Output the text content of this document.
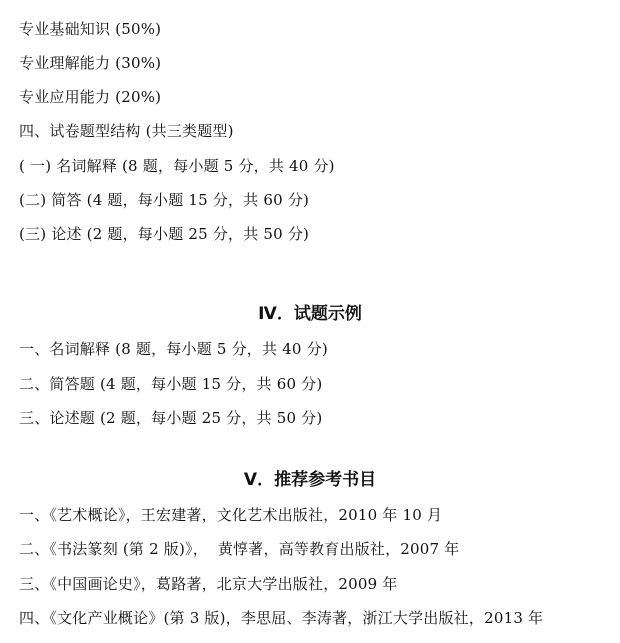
专业基础知识 (50%)
专业理解能力 (30%)
专业应用能力 (20%)
四、试卷题型结构 (共三类题型)
( 一) 名词解释 (8 题，每小题 5 分，共 40 分)
(二) 简答 (4 题，每小题 15 分，共 60 分)
(三) 论述 (2 题，每小题 25 分，共 50 分)
Ⅳ．试题示例
一、名词解释 (8 题，每小题 5 分，共 40 分)
二、简答题 (4 题，每小题 15 分，共 60 分)
三、论述题 (2 题，每小题 25 分，共 50 分)
Ⅴ．推荐参考书目
一、《艺术概论》，王宏建著，文化艺术出版社，2010 年 10 月
二、《书法篆刻 (第 2 版)》，  黄惇著，高等教育出版社，2007 年
三、《中国画论史》，葛路著，北京大学出版社，2009 年
四、《文化产业概论》(第 3 版)，李思屈、李涛著，浙江大学出版社，2013 年
